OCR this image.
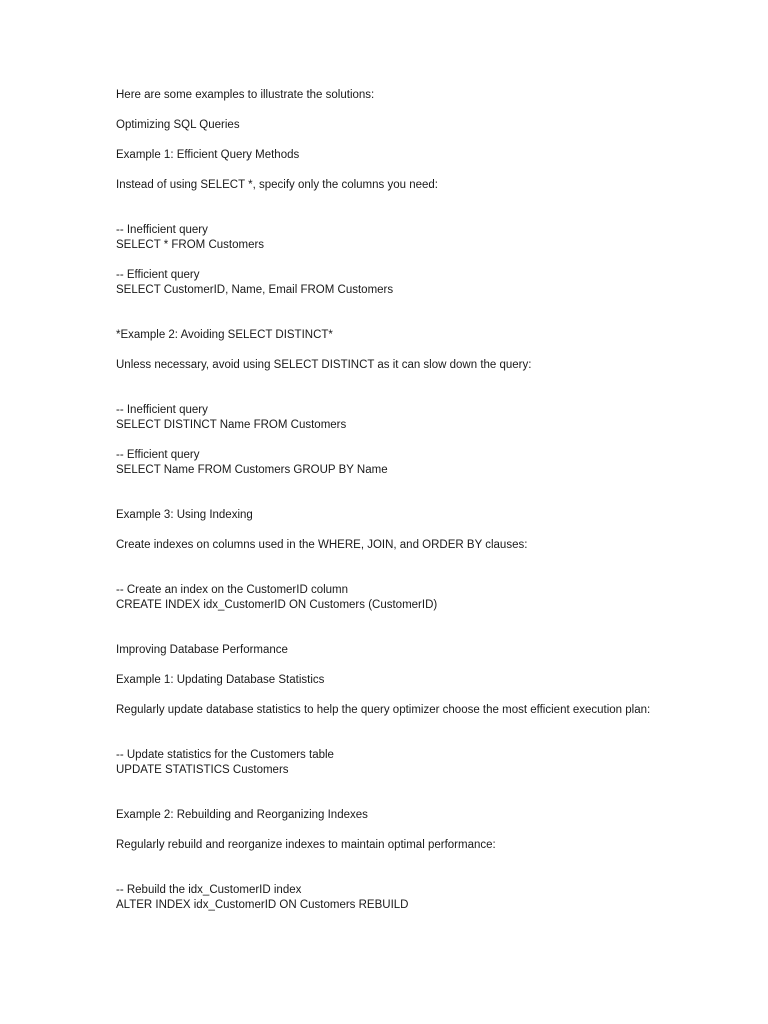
Here are some examples to illustrate the solutions:

Optimizing SQL Queries

Example 1: Efficient Query Methods

Instead of using SELECT *, specify only the columns you need:

-- Inefficient query

SELECT * FROM Customers

-- Efficient query

SELECT CustomerID, Name, Email FROM Customers

*Example 2: Avoiding SELECT DISTINCT*

Unless necessary, avoid using SELECT DISTINCT as it can slow down the query:

-- Inefficient query

SELECT DISTINCT Name FROM Customers

-- Efficient query

SELECT Name FROM Customers GROUP BY Name

Example 3: Using Indexing

Create indexes on columns used in the WHERE, JOIN, and ORDER BY clauses:

-- Create an index on the CustomerID column

CREATE INDEX idx_CustomerID ON Customers (CustomerID)

Improving Database Performance

Example 1: Updating Database Statistics

Regularly update database statistics to help the query optimizer choose the most efficient execution plan:

-- Update statistics for the Customers table

UPDATE STATISTICS Customers

Example 2: Rebuilding and Reorganizing Indexes

Regularly rebuild and reorganize indexes to maintain optimal performance:

-- Rebuild the idx_CustomerID index

ALTER INDEX idx_CustomerID ON Customers REBUILD
